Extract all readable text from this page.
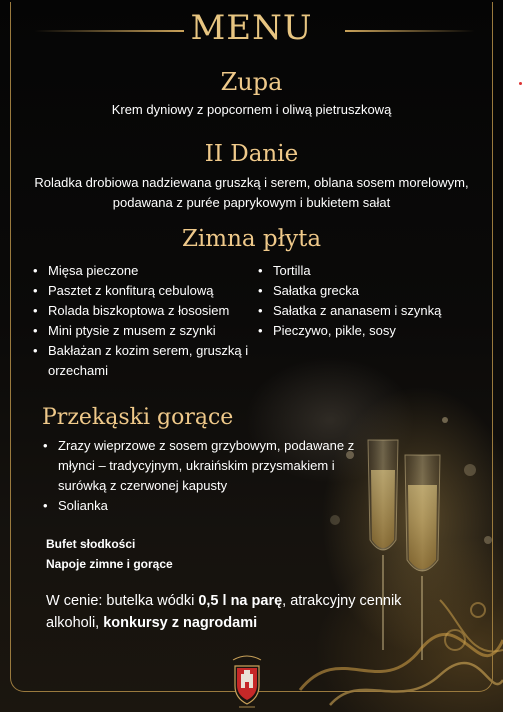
MENU
Zupa
Krem dyniowy z popcornem i oliwą pietruszkową
II Danie
Roladka drobiowa nadziewana gruszką i serem, oblana sosem morelowym,
podawana z purée paprykowym i bukietem sałat
Zimna płyta
• Mięsa pieczone
• Pasztet z konfiturą cebulową
• Rolada biszkoptowa z łososiem
• Mini ptysie z musem z szynki
• Bakłażan z kozim serem, gruszką i orzechami
• Tortilla
• Sałatka grecka
• Sałatka z ananasem i szynką
• Pieczywo, pikle, sosy
Przekąski gorące
• Zrazy wieprzowe z sosem grzybowym, podawane z młynci – tradycyjnym, ukraińskim przysmakiem i surówką z czerwonej kapusty
• Solianka
Bufet słodkości
Napoje zimne i gorące
W cenie: butelka wódki 0,5 l na parę, atrakcyjny cennik alkoholi, konkursy z nagrodami
